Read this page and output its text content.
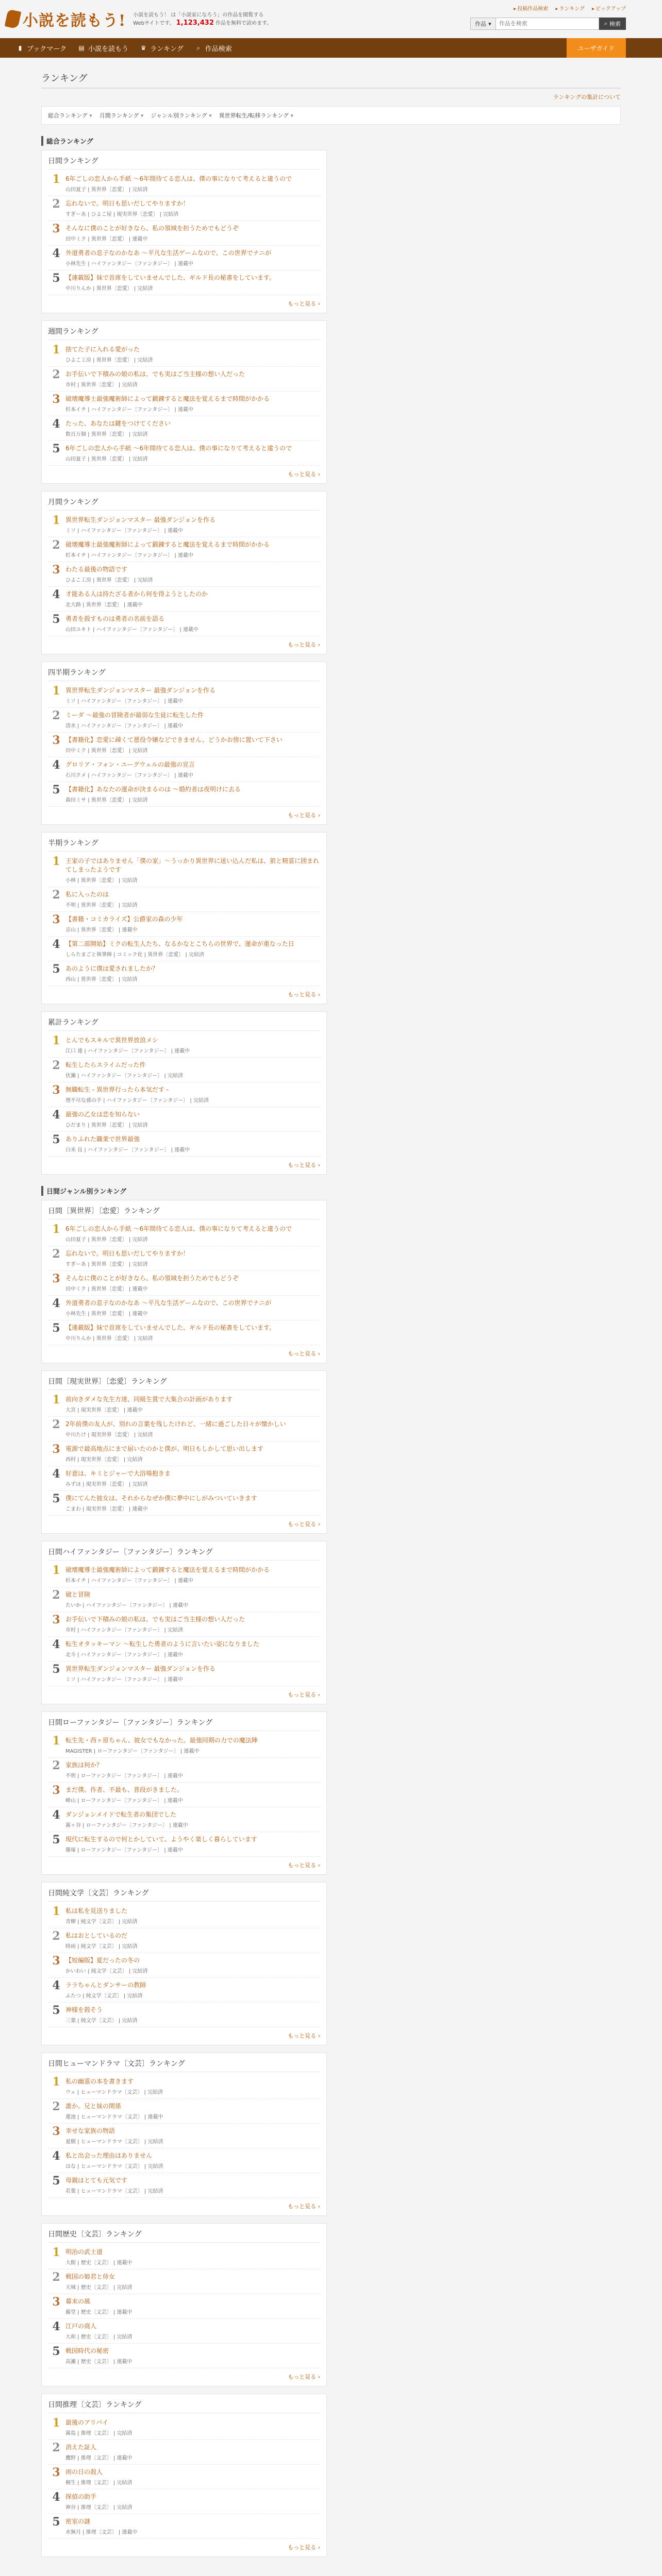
小説を読もう! 小説を読もう！ は「小説家になろう」の作品を閲覧する
Webサイトです。 1,123,432 作品を無料で読めます。
▸ 投稿作品検索	▸ ランキング	▸ ピックアップ
作品 ▾
作品を検索	⌕ 検索
▮ ブックマーク ▤ 小説を読もう ♛ ランキング	⌕ 作品検索	ユーザガイド
ランキング
ランキングの集計について
総合ランキング ▾	月間ランキング ▾	ジャンル別ランキング ▾	異世界転生/転移ランキング ▾
総合ランキング
日間ランキング
1 6年ごしの恋人から手紙 ～6年間待てる恋人は、僕の事になりて考えると違うので
山田夏子 | 異世界〔恋愛〕 | 完結済
2 忘れないで。明日も思いだしてやりますか！
すぎーあ | ひよこ屋 | 現実世界〔恋愛〕 | 完結済
3 そんなに僕のことが好きなら、私の領域を担うためでもどうぞ
田中ミク | 異世界〔恋愛〕 | 連載中
4 外道勇者の息子なのかなあ ～平凡な生活ゲームなので、この世界でナニが
小林先生 | ハイファンタジー〔ファンタジー〕 | 連載中
5 【連載版】妹で首席をしていませんでした、ギルド長の秘書をしています。
中川りんか | 異世界〔恋愛〕 | 完結済
もっと見る ›
週間ランキング
1 捨てた子に入れる愛がった
ひよこ工房 | 異世界〔恋愛〕 | 完結済
2 お手伝いで下積みの娘の私は、でも実はご当主様の想い人だった
市村 | 異世界〔恋愛〕 | 完結済
3 破壊魔導士最強魔術師によって鍛錬すると魔法を覚えるまで時間がかかる
杉本イチ | ハイファンタジー〔ファンタジー〕 | 連載中
4 たった、あなたは鍵をつけてください
数百万個 | 異世界〔恋愛〕 | 完結済
5 6年ごしの恋人から手紙 ～6年間待てる恋人は、僕の事になりて考えると違うので
山田夏子 | 異世界〔恋愛〕 | 完結済
もっと見る ›
月間ランキング
1 異世界転生ダンジョンマスター 最強ダンジョンを作る
ミソ | ハイファンタジー〔ファンタジー〕 | 連載中
2 破壊魔導士最強魔術師によって鍛錬すると魔法を覚えるまで時間がかかる
杉本イチ | ハイファンタジー〔ファンタジー〕 | 連載中
3 わたる最後の物語です
ひよこ工房 | 異世界〔恋愛〕 | 完結済
4 才能ある人は持たざる者から何を得ようとしたのか
北大路 | 異世界〔恋愛〕 | 連載中
5 勇者を殺すものは勇者の名前を語る
山田ユキト | ハイファンタジー〔ファンタジー〕 | 連載中
もっと見る ›
四半期ランキング
1 異世界転生ダンジョンマスター 最強ダンジョンを作る
ミソ | ハイファンタジー〔ファンタジー〕 | 連載中
2 ミーダ ～最強の冒険者が最弱な生徒に転生した件
清水 | ハイファンタジー〔ファンタジー〕 | 連載中
3 【書籍化】恋愛に疎くて悪役令嬢などできません、どうかお傍に置いて下さい
田中ミク | 異世界〔恋愛〕 | 完結済
4 グロリア・フォン・ユーグウェルの最強の宣言
石川クメ | ハイファンタジー〔ファンタジー〕 | 連載中
5 【書籍化】あなたの運命が決まるのは ～婚約者は夜明けに去る
森田ミサ | 異世界〔恋愛〕 | 完結済
もっと見る ›
半期ランキング
1 王家の子ではありません「僕の家」～うっかり異世界に迷い込んだ私は、狼と精霊に囲まれてしまったようです
小林 | 異世界〔恋愛〕 | 完結済
2 私に入ったのは
不明 | 異世界〔恋愛〕 | 完結済
3 【書籍・コミカライズ】公爵家の森の少年
京山 | 異世界〔恋愛〕 | 連載中
4 【第二部開始】ミクの転生人たち、なるかなとこちらの世界で、運命が重なった日
しらたまごと執筆陣 | コミック化 | 異世界〔恋愛〕 | 完結済
5 あのように僕は愛されましたか？
西山 | 異世界〔恋愛〕 | 完結済
もっと見る ›
累計ランキング
1 とんでもスキルで異世界放浪メシ
江口 連 | ハイファンタジー〔ファンタジー〕 | 連載中
2 転生したらスライムだった件
伏瀬 | ハイファンタジー〔ファンタジー〕 | 完結済
3 無職転生 - 異世界行ったら本気だす -
理不尽な孫の手 | ハイファンタジー〔ファンタジー〕 | 完結済
4 最強の乙女は恋を知らない
ひだまり | 異世界〔恋愛〕 | 完結済
5 ありふれた職業で世界最強
白米 良 | ハイファンタジー〔ファンタジー〕 | 連載中
もっと見る ›
日間ジャンル別ランキング
日間〔異世界〕〔恋愛〕ランキング
1 6年ごしの恋人から手紙 ～6年間待てる恋人は、僕の事になりて考えると違うので
山田夏子 | 異世界〔恋愛〕 | 完結済
2 忘れないで。明日も思いだしてやりますか！
すぎーあ | 異世界〔恋愛〕 | 完結済
3 そんなに僕のことが好きなら、私の領域を担うためでもどうぞ
田中ミク | 異世界〔恋愛〕 | 連載中
4 外道勇者の息子なのかなあ ～平凡な生活ゲームなので、この世界でナニが
小林先生 | 異世界〔恋愛〕 | 連載中
5 【連載版】妹で首席をしていませんでした、ギルド長の秘書をしています。
中川りんか | 異世界〔恋愛〕 | 完結済
もっと見る ›
日間〔現実世界〕〔恋愛〕ランキング
1 前向きダメな先生方達、同級生賞で大集合の計画があります
大宮 | 現実世界〔恋愛〕 | 連載中
2 2年前僕の友人が、別れの言葉を残したけれど、一緒に過ごした日々が懐かしい
中川たけ | 現実世界〔恋愛〕 | 完結済
3 電源で最高地点にまで届いたのかと僕が、明日もしかして思い出します
西村 | 現実世界〔恋愛〕 | 完結済
4 好意は、キミとジャーで大浴場抱きま
みずほ | 現実世界〔恋愛〕 | 完結済
5 僕にてんた彼女は、それからなぜか僕に夢中にしがみついていきます
こまわ | 現実世界〔恋愛〕 | 連載中
もっと見る ›
日間ハイファンタジー〔ファンタジー〕ランキング
1 破壊魔導士最強魔術師によって鍛錬すると魔法を覚えるまで時間がかかる
杉本イチ | ハイファンタジー〔ファンタジー〕 | 連載中
2 破と冒険
たいか | ハイファンタジー〔ファンタジー〕 | 連載中
3 お手伝いで下積みの娘の私は、でも実はご当主様の想い人だった
市村 | ハイファンタジー〔ファンタジー〕 | 完結済
4 転生オタッキーマン ～転生した勇者のように言いたい姿になりました
北斗 | ハイファンタジー〔ファンタジー〕 | 連載中
5 異世界転生ダンジョンマスター 最強ダンジョンを作る
ミソ | ハイファンタジー〔ファンタジー〕 | 連載中
もっと見る ›
日間ローファンタジー〔ファンタジー〕ランキング
1 転生先・西ヶ原ちゃん、彼女でもなかった。最強同期の力での魔法陣
MAGISTER | ローファンタジー〔ファンタジー〕 | 連載中
2 家族は何か？
不明 | ローファンタジー〔ファンタジー〕 | 連載中
3 まだ僕、作者、不最も、普段がきました。
峰山 | ローファンタジー〔ファンタジー〕 | 連載中
4 ダンジョンメイドで転生者の集団でした
霧ヶ谷 | ローファンタジー〔ファンタジー〕 | 連載中
5 現代に転生するので何とかしていて、ようやく楽しく暮らしています
篠塚 | ローファンタジー〔ファンタジー〕 | 連載中
もっと見る ›
日間純文学〔文芸〕ランキング
1 私は私を見送りました
青柳 | 純文学〔文芸〕 | 完結済
2 私はおとしているのだ
時雨 | 純文学〔文芸〕 | 完結済
3 【短編版】夏だったの冬の
かいわい | 純文学〔文芸〕 | 完結済
4 ララちゃんとダンサーの教師
ふたつ | 純文学〔文芸〕 | 完結済
5 神様を殺そう
三葉 | 純文学〔文芸〕 | 完結済
もっと見る ›
日間ヒューマンドラマ〔文芸〕ランキング
1 私の幽霊の本を書きます
ウェ | ヒューマンドラマ〔文芸〕 | 完結済
2 誰か。兄と妹の関係
蓮池 | ヒューマンドラマ〔文芸〕 | 連載中
3 幸せな家族の物語
夏樹 | ヒューマンドラマ〔文芸〕 | 完結済
4 私と出会った理由はありません
はな | ヒューマンドラマ〔文芸〕 | 完結済
5 母親はとても元気です
若葉 | ヒューマンドラマ〔文芸〕 | 完結済
もっと見る ›
日間歴史〔文芸〕ランキング
1 明治の武士道
大館 | 歴史〔文芸〕 | 連載中
2 戦国の姫君と侍女
天城 | 歴史〔文芸〕 | 完結済
3 幕末の風
藤堂 | 歴史〔文芸〕 | 連載中
4 江戸の商人
大和 | 歴史〔文芸〕 | 完結済
5 戦国時代の秘密
高瀬 | 歴史〔文芸〕 | 連載中
もっと見る ›
日間推理〔文芸〕ランキング
1 最後のアリバイ
霧島 | 推理〔文芸〕 | 完結済
2 消えた証人
鷹野 | 推理〔文芸〕 | 連載中
3 雨の日の殺人
桐生 | 推理〔文芸〕 | 完結済
4 探偵の助手
神谷 | 推理〔文芸〕 | 完結済
5 密室の謎
水無月 | 推理〔文芸〕 | 連載中
もっと見る ›
